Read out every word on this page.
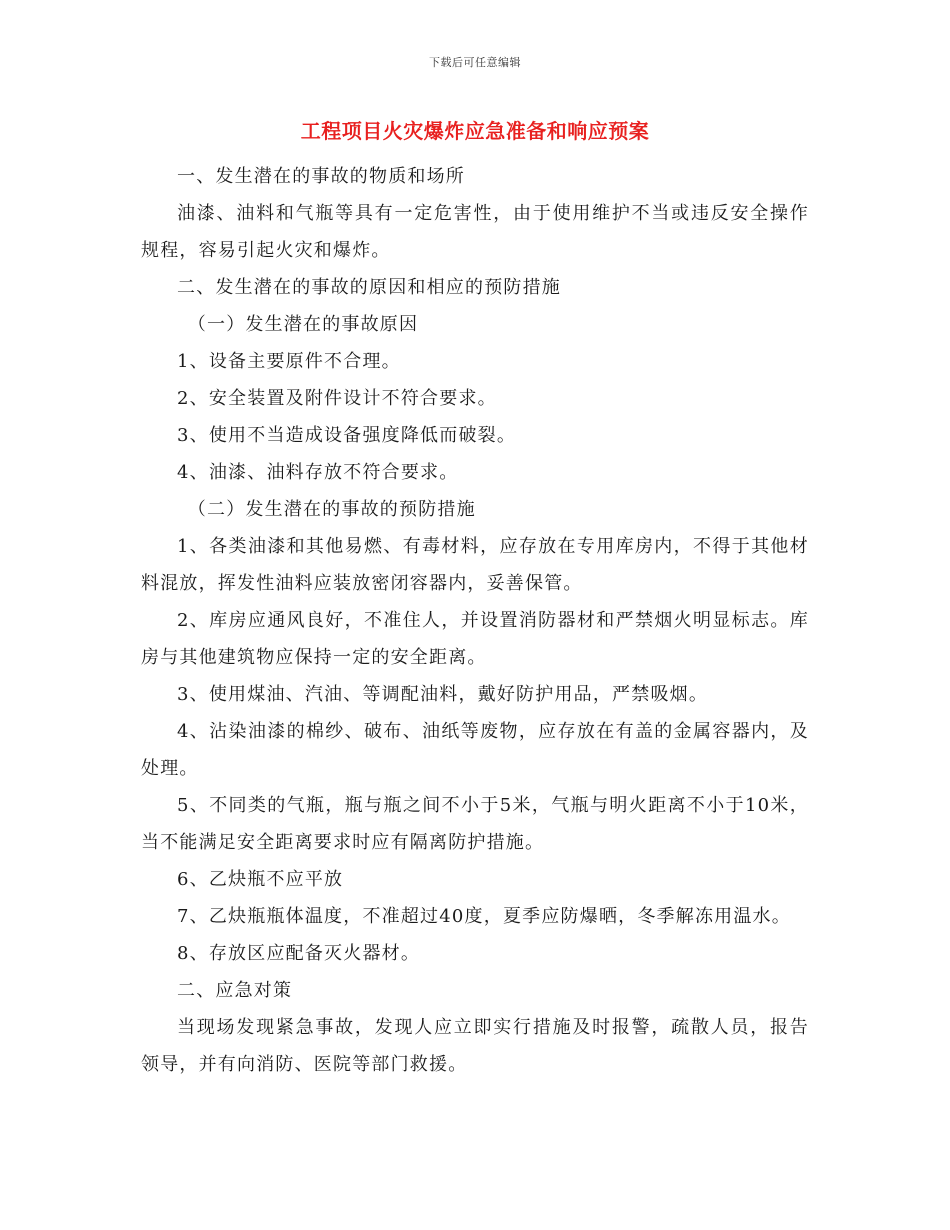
下载后可任意编辑
工程项目火灾爆炸应急准备和响应预案

一、发生潜在的事故的物质和场所

油漆、油料和气瓶等具有一定危害性，由于使用维护不当或违反安全操作规程，容易引起火灾和爆炸。

二、发生潜在的事故的原因和相应的预防措施

（一）发生潜在的事故原因

1、设备主要原件不合理。

2、安全装置及附件设计不符合要求。

3、使用不当造成设备强度降低而破裂。

4、油漆、油料存放不符合要求。

（二）发生潜在的事故的预防措施

1、各类油漆和其他易燃、有毒材料，应存放在专用库房内，不得于其他材料混放，挥发性油料应装放密闭容器内，妥善保管。

2、库房应通风良好，不准住人，并设置消防器材和严禁烟火明显标志。库房与其他建筑物应保持一定的安全距离。

3、使用煤油、汽油、等调配油料，戴好防护用品，严禁吸烟。

4、沾染油漆的棉纱、破布、油纸等废物，应存放在有盖的金属容器内，及处理。

5、不同类的气瓶，瓶与瓶之间不小于5米，气瓶与明火距离不小于10米，当不能满足安全距离要求时应有隔离防护措施。

6、乙炔瓶不应平放

7、乙炔瓶瓶体温度，不准超过40度，夏季应防爆晒，冬季解冻用温水。

8、存放区应配备灭火器材。

二、应急对策

当现场发现紧急事故，发现人应立即实行措施及时报警，疏散人员，报告领导，并有向消防、医院等部门救援。
